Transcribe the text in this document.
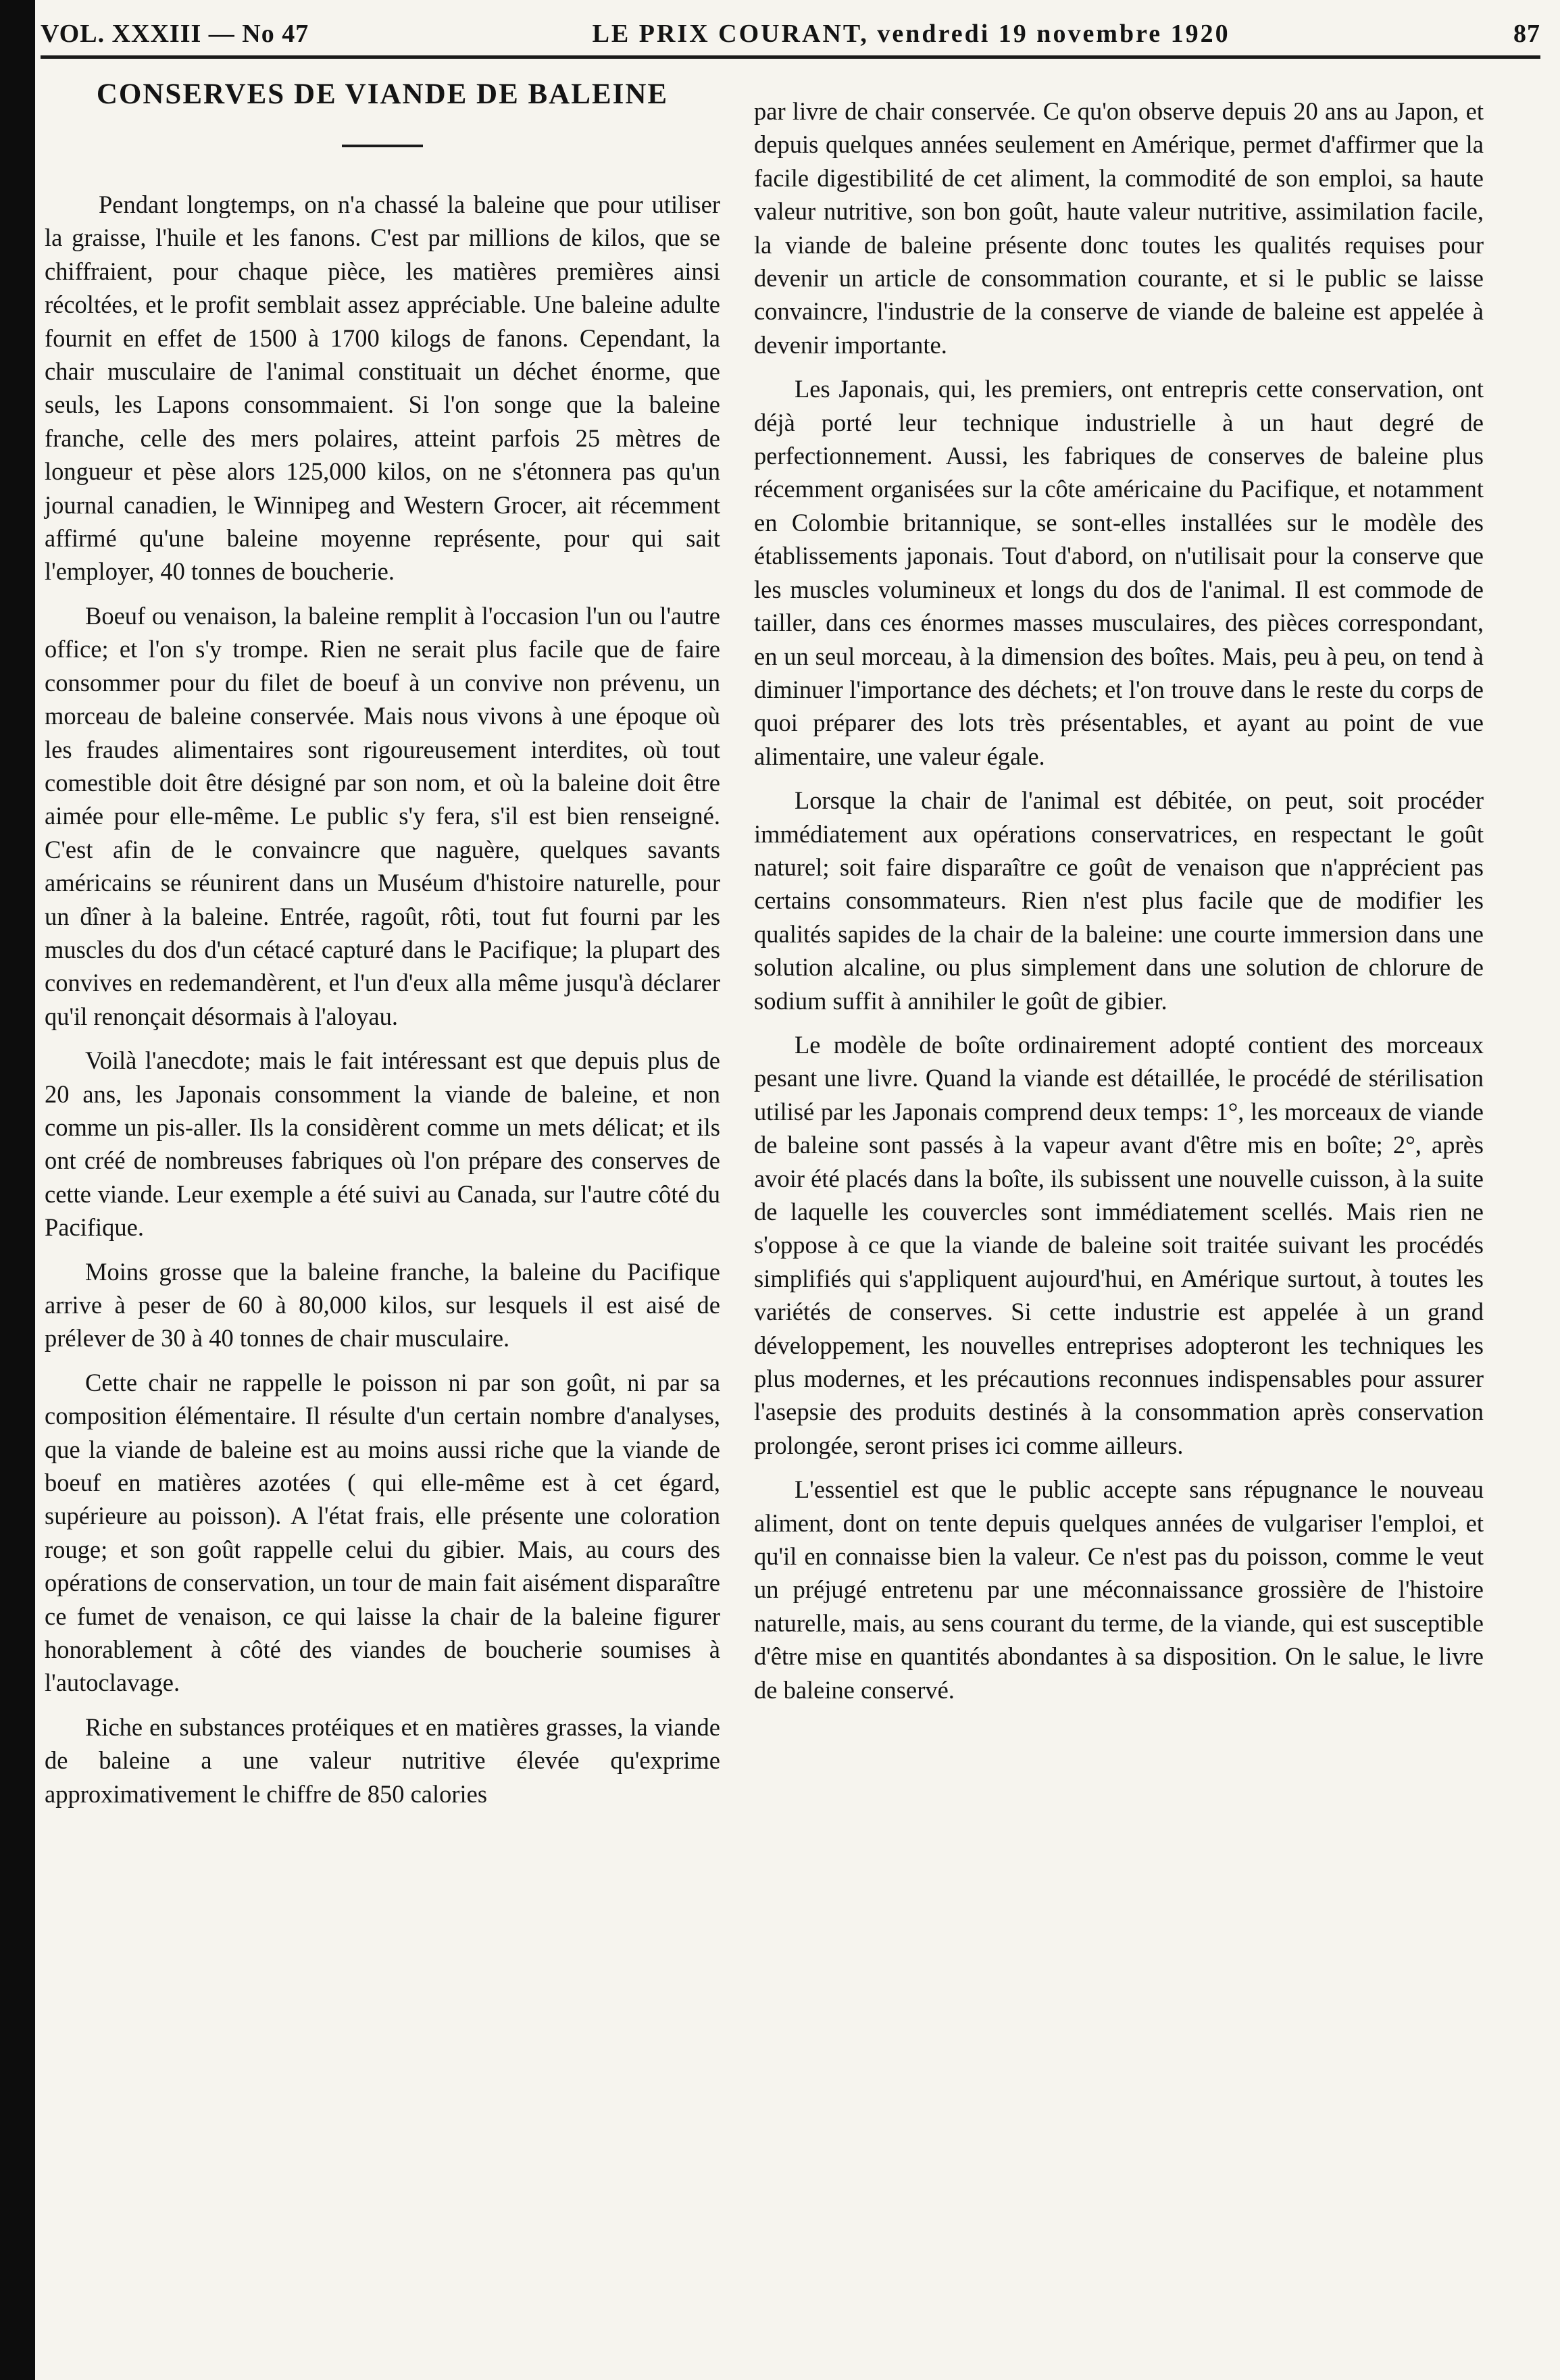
VOL. XXXIII — No 47	LE PRIX COURANT, vendredi 19 novembre 1920	87
CONSERVES DE VIANDE DE BALEINE

Pendant longtemps, on n'a chassé la baleine que pour utiliser la graisse, l'huile et les fanons. C'est par millions de kilos, que se chiffraient, pour chaque pièce, les matières premières ainsi récoltées, et le profit semblait assez appréciable. Une baleine adulte fournit en effet de 1500 à 1700 kilogs de fanons. Cependant, la chair musculaire de l'animal constituait un déchet énorme, que seuls, les Lapons consommaient. Si l'on songe que la baleine franche, celle des mers polaires, atteint parfois 25 mètres de longueur et pèse alors 125,000 kilos, on ne s'étonnera pas qu'un journal canadien, le Winnipeg and Western Grocer, ait récemment affirmé qu'une baleine moyenne représente, pour qui sait l'employer, 40 tonnes de boucherie.

Boeuf ou venaison, la baleine remplit à l'occasion l'un ou l'autre office; et l'on s'y trompe. Rien ne serait plus facile que de faire consommer pour du filet de boeuf à un convive non prévenu, un morceau de baleine conservée. Mais nous vivons à une époque où les fraudes alimentaires sont rigoureusement interdites, où tout comestible doit être désigné par son nom, et où la baleine doit être aimée pour elle-même. Le public s'y fera, s'il est bien renseigné. C'est afin de le convaincre que naguère, quelques savants américains se réunirent dans un Muséum d'histoire naturelle, pour un dîner à la baleine. Entrée, ragoût, rôti, tout fut fourni par les muscles du dos d'un cétacé capturé dans le Pacifique; la plupart des convives en redemandèrent, et l'un d'eux alla même jusqu'à déclarer qu'il renonçait désormais à l'aloyau.

Voilà l'anecdote; mais le fait intéressant est que depuis plus de 20 ans, les Japonais consomment la viande de baleine, et non comme un pis-aller. Ils la considèrent comme un mets délicat; et ils ont créé de nombreuses fabriques où l'on prépare des conserves de cette viande. Leur exemple a été suivi au Canada, sur l'autre côté du Pacifique.

Moins grosse que la baleine franche, la baleine du Pacifique arrive à peser de 60 à 80,000 kilos, sur lesquels il est aisé de prélever de 30 à 40 tonnes de chair musculaire.

Cette chair ne rappelle le poisson ni par son goût, ni par sa composition élémentaire. Il résulte d'un certain nombre d'analyses, que la viande de baleine est au moins aussi riche que la viande de boeuf en matières azotées ( qui elle-même est à cet égard, supérieure au poisson). A l'état frais, elle présente une coloration rouge; et son goût rappelle celui du gibier. Mais, au cours des opérations de conservation, un tour de main fait aisément disparaître ce fumet de venaison, ce qui laisse la chair de la baleine figurer honorablement à côté des viandes de boucherie soumises à l'autoclavage.

Riche en substances protéiques et en matières grasses, la viande de baleine a une valeur nutritive élevée qu'exprime approximativement le chiffre de 850 calories

par livre de chair conservée. Ce qu'on observe depuis 20 ans au Japon, et depuis quelques années seulement en Amérique, permet d'affirmer que la facile digestibilité de cet aliment, la commodité de son emploi, sa haute valeur nutritive, son bon goût, haute valeur nutritive, assimilation facile, la viande de baleine présente donc toutes les qualités requises pour devenir un article de consommation courante, et si le public se laisse convaincre, l'industrie de la conserve de viande de baleine est appelée à devenir importante.

Les Japonais, qui, les premiers, ont entrepris cette conservation, ont déjà porté leur technique industrielle à un haut degré de perfectionnement. Aussi, les fabriques de conserves de baleine plus récemment organisées sur la côte américaine du Pacifique, et notamment en Colombie britannique, se sont-elles installées sur le modèle des établissements japonais. Tout d'abord, on n'utilisait pour la conserve que les muscles volumineux et longs du dos de l'animal. Il est commode de tailler, dans ces énormes masses musculaires, des pièces correspondant, en un seul morceau, à la dimension des boîtes. Mais, peu à peu, on tend à diminuer l'importance des déchets; et l'on trouve dans le reste du corps de quoi préparer des lots très présentables, et ayant au point de vue alimentaire, une valeur égale.

Lorsque la chair de l'animal est débitée, on peut, soit procéder immédiatement aux opérations conservatrices, en respectant le goût naturel; soit faire disparaître ce goût de venaison que n'apprécient pas certains consommateurs. Rien n'est plus facile que de modifier les qualités sapides de la chair de la baleine: une courte immersion dans une solution alcaline, ou plus simplement dans une solution de chlorure de sodium suffit à annihiler le goût de gibier.

Le modèle de boîte ordinairement adopté contient des morceaux pesant une livre. Quand la viande est détaillée, le procédé de stérilisation utilisé par les Japonais comprend deux temps: 1°, les morceaux de viande de baleine sont passés à la vapeur avant d'être mis en boîte; 2°, après avoir été placés dans la boîte, ils subissent une nouvelle cuisson, à la suite de laquelle les couvercles sont immédiatement scellés. Mais rien ne s'oppose à ce que la viande de baleine soit traitée suivant les procédés simplifiés qui s'appliquent aujourd'hui, en Amérique surtout, à toutes les variétés de conserves. Si cette industrie est appelée à un grand développement, les nouvelles entreprises adopteront les techniques les plus modernes, et les précautions reconnues indispensables pour assurer l'asepsie des produits destinés à la consommation après conservation prolongée, seront prises ici comme ailleurs.

L'essentiel est que le public accepte sans répugnance le nouveau aliment, dont on tente depuis quelques années de vulgariser l'emploi, et qu'il en connaisse bien la valeur. Ce n'est pas du poisson, comme le veut un préjugé entretenu par une méconnaissance grossière de l'histoire naturelle, mais, au sens courant du terme, de la viande, qui est susceptible d'être mise en quantités abondantes à sa disposition. On le salue, le livre de baleine conservé.
